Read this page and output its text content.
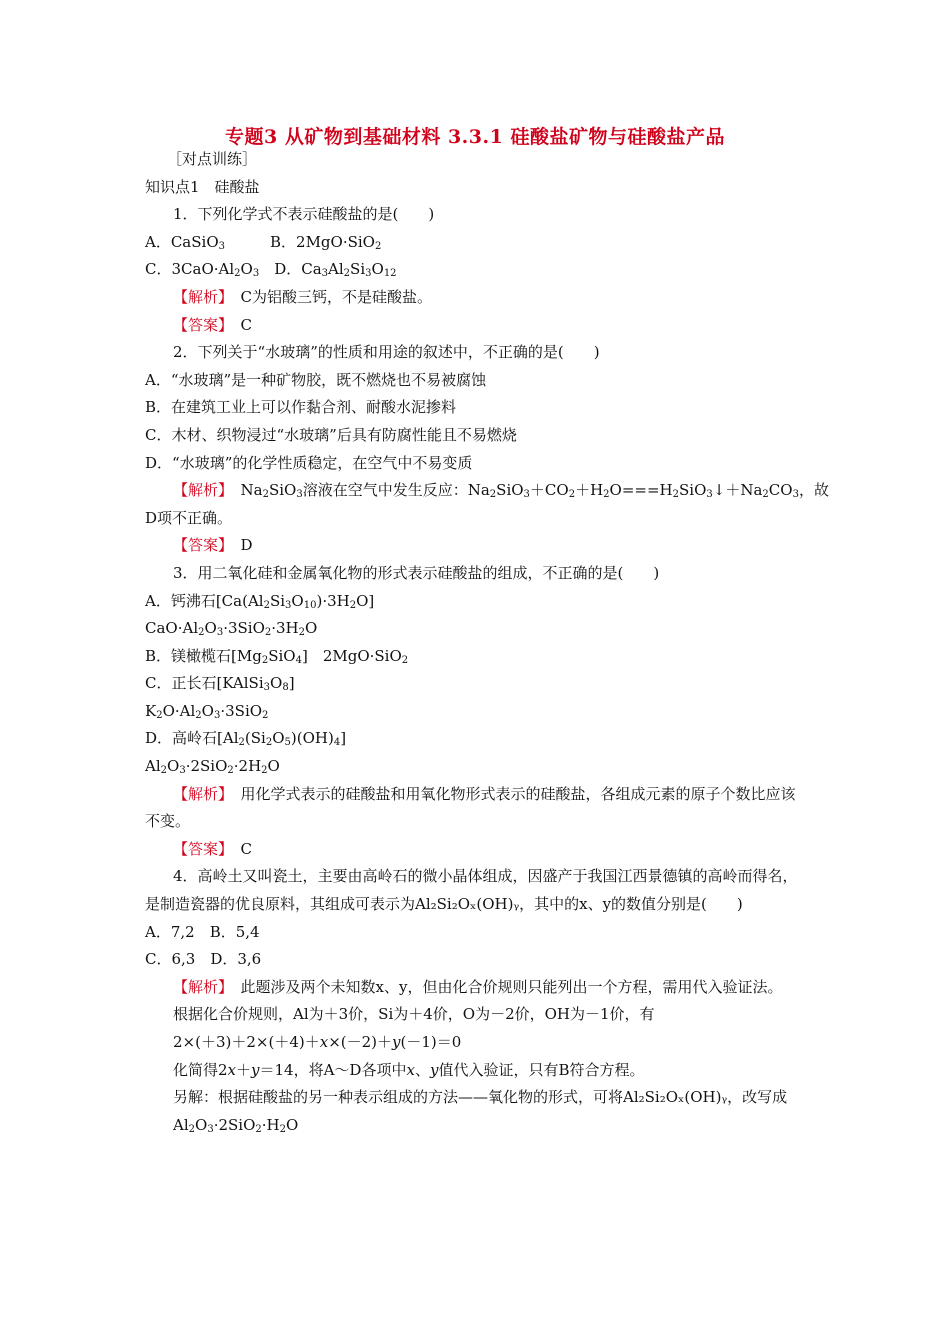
专题3 从矿物到基础材料 3.3.1 硅酸盐矿物与硅酸盐产品
［对点训练］
知识点1　硅酸盐
1．下列化学式不表示硅酸盐的是(　　)
A．CaSiO$_3$　　　B．2MgO·SiO$_2$
C．$3CaO\cdot Al_2O_3$　D．$Ca_3Al_2Si_3O_{12}$
【解析】　 C为铝酸三钙，不是硅酸盐。
【答案】　 C
2．下列关于“水玻璃”的性质和用途的叙述中，不正确的是(　　)
A．“水玻璃”是一种矿物胶，既不燃烧也不易被腐蚀
B．在建筑工业上可以作黏合剂、耐酸水泥掺料
C．木材、织物浸过“水玻璃”后具有防腐性能且不易燃烧
D．“水玻璃”的化学性质稳定，在空气中不易变质
【解析】　$Na_2SiO_3$溶液在空气中发生反应：$Na_2SiO_3+CO_2+H_2O===H_2SiO_3↓+Na_2CO_3$，故
D项不正确。
【答案】　 D
3．用二氧化硅和金属氧化物的形式表示硅酸盐的组成，不正确的是(　　)
A．钙沸石$[Ca(Al_2Si_3O_{10})\cdot 3H_2O]$
$CaO\cdot Al_2O_3\cdot 3SiO_2\cdot 3H_2O$
B．镁橄榄石$[Mg_2SiO_4]$　2MgO·SiO$_2$
C．正长石$[KAlSi_3O_8]$
$K_2O\cdot Al_2O_3\cdot 3SiO_2$
D．高岭石$[Al_2(Si_2O_5)(OH)_4]$
$Al_2O_3\cdot 2SiO_2\cdot 2H_2O$
【解析】　 用化学式表示的硅酸盐和用氧化物形式表示的硅酸盐，各组成元素的原子个数比应该不变。
【答案】　 C
4．高岭土又叫瓷土，主要由高岭石的微小晶体组成，因盛产于我国江西景德镇的高岭而得名，是制造瓷器的优良原料，其组成可表示为Al₂Si₂Oₓ(OH)ᵧ，其中的x、y的数值分别是(　　)
A．7,2　B．5,4
C．6,3　D．3,6
【解析】　 此题涉及两个未知数x、y，但由化合价规则只能列出一个方程，需用代入验证法。
根据化合价规则，Al为＋3价，Si为＋4价，O为－2价，OH为－1价，有
2×(＋3)＋2×(＋4)＋x×(－2)＋y(－1)＝0
化简得2x＋y＝14，将A～D各项中x、y值代入验证，只有B符合方程。
另解：根据硅酸盐的另一种表示组成的方法——氧化物的形式，可将Al₂Si₂Oₓ(OH)ᵧ，改写成
$Al_2O_3\cdot 2SiO_2\cdot H_2O$
